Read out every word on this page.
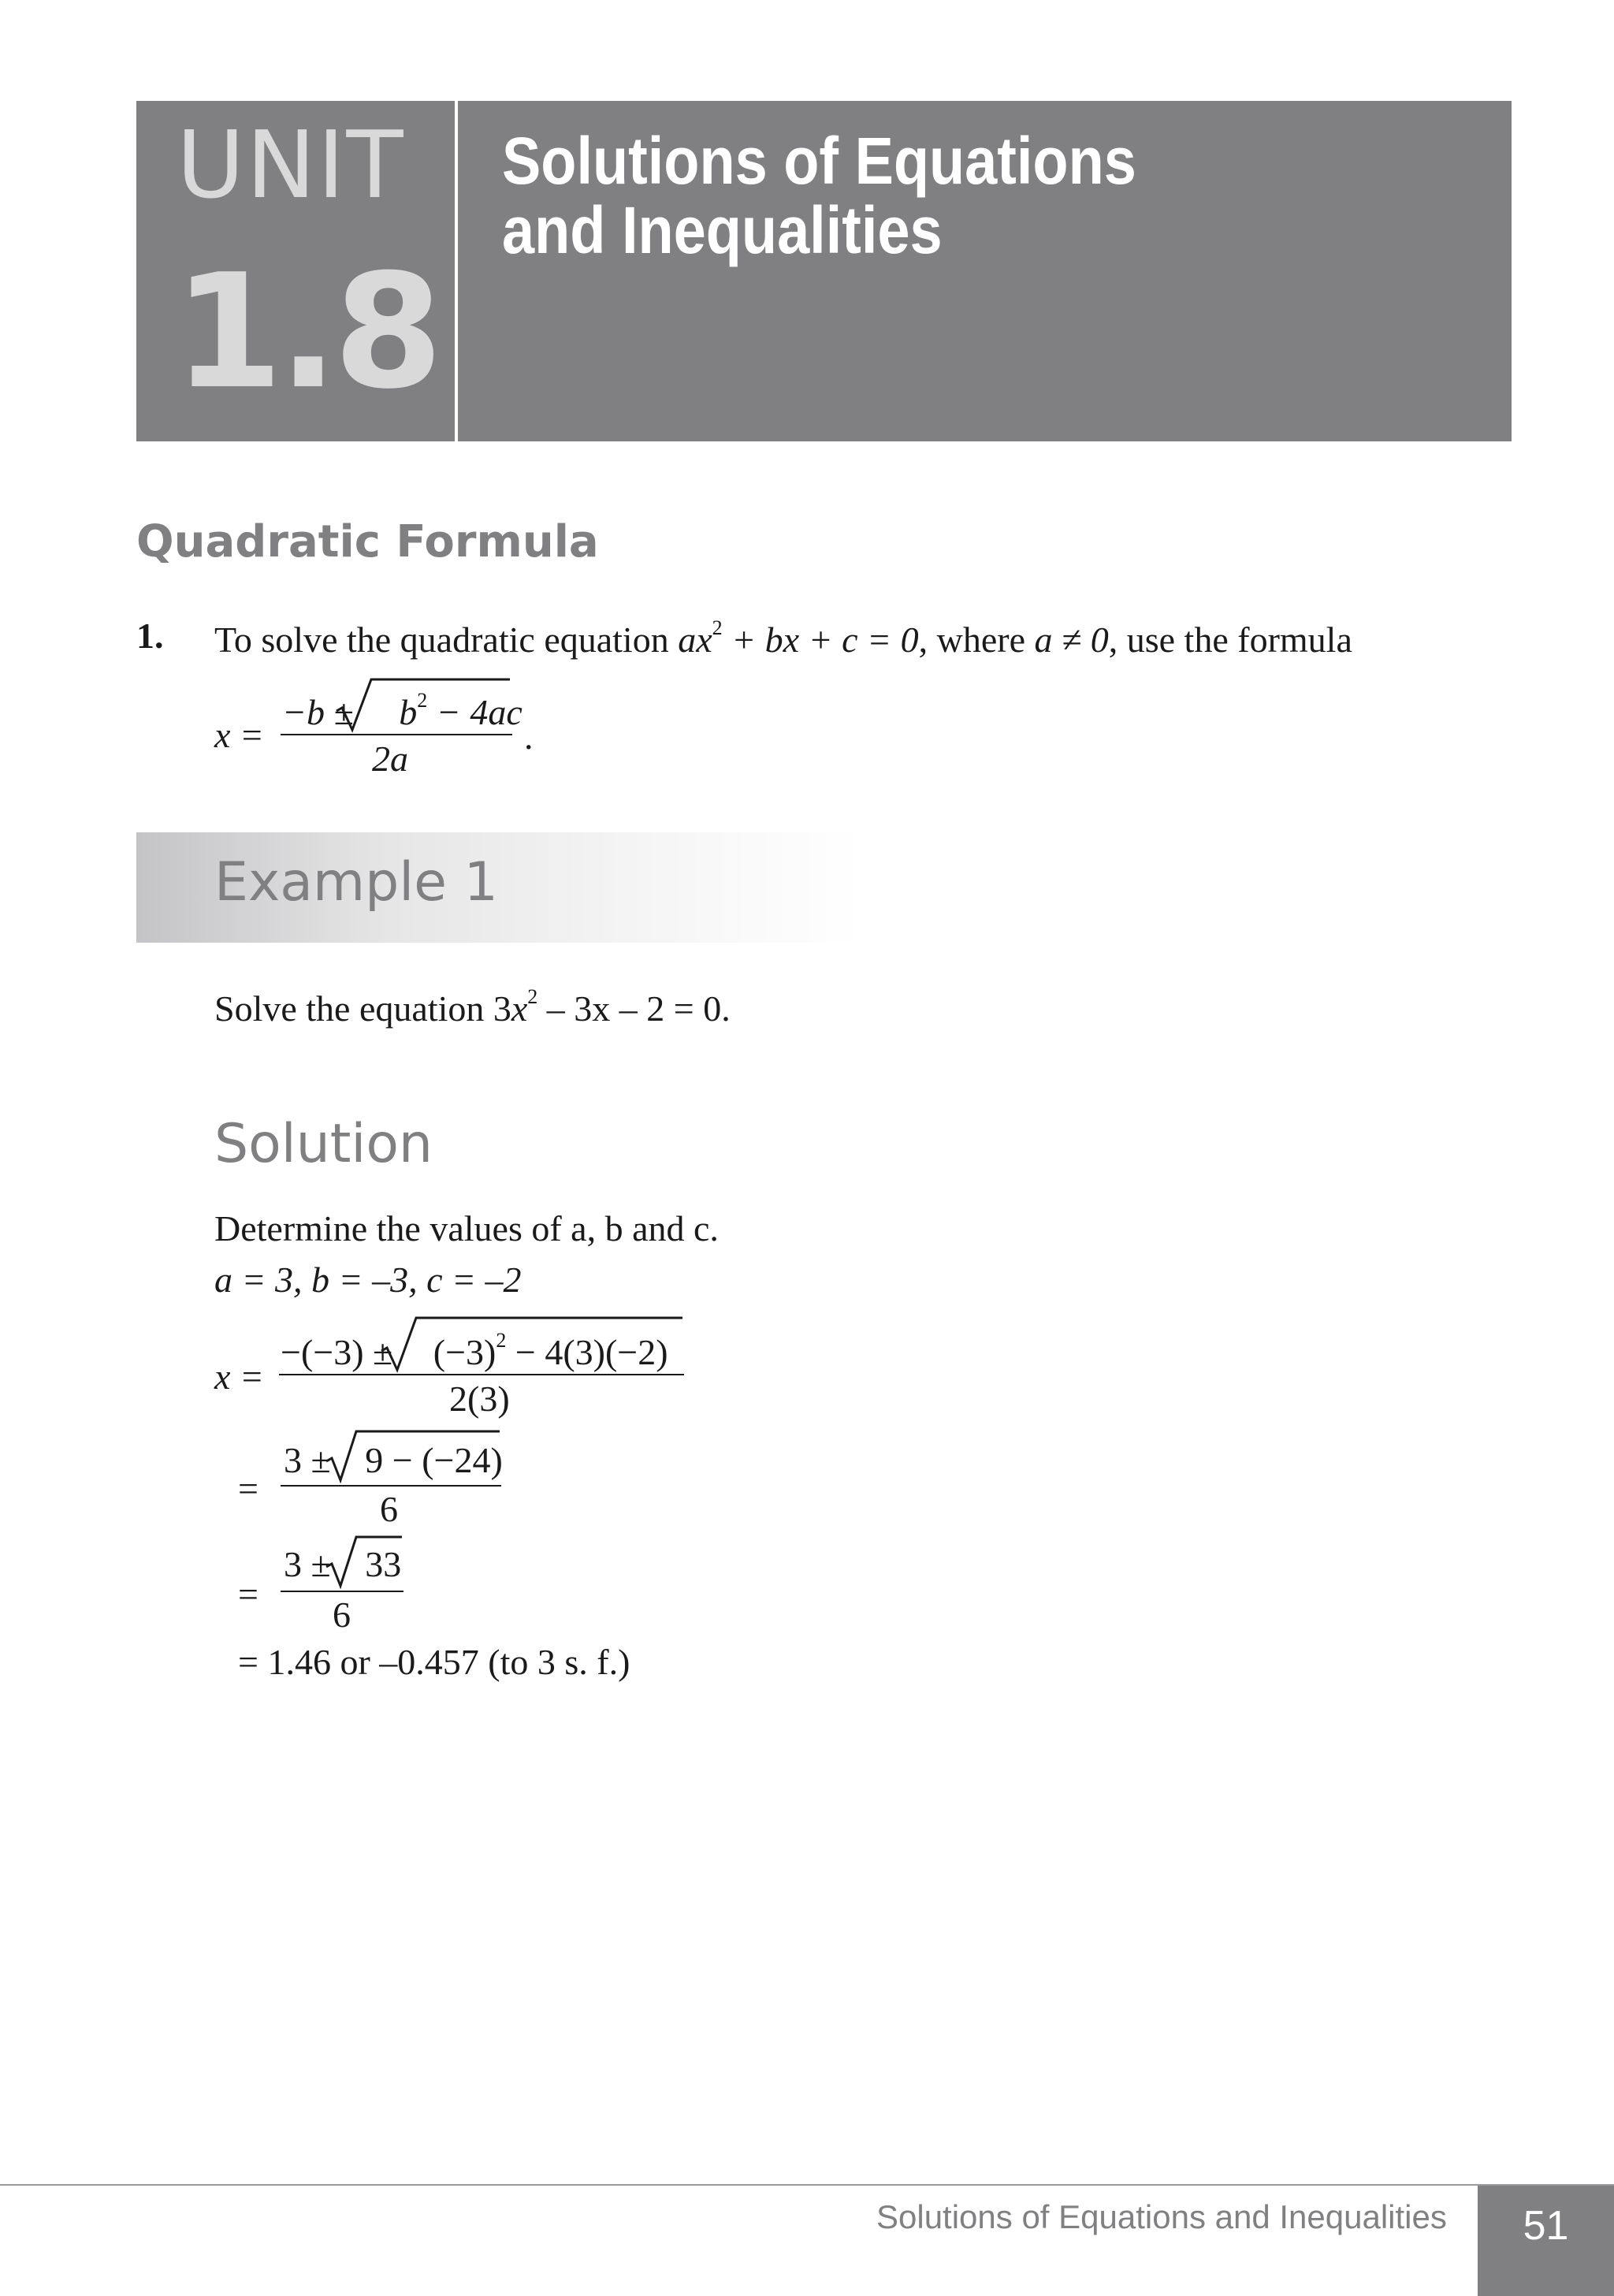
UNIT
1.8
Solutions of Equations
and Inequalities
Quadratic Formula
1. To solve the quadratic equation $ax^2$ + bx + c = 0, where a ≠ 0, use the formula
x =
$-b \pm b^2 - 4ac$
2a
.
Example 1
Solve the equation $3x^2 - 3x - 2 = 0$.
Solution
Determine the values of a, b and c.
a = 3, b = –3, c = –2
x =
$-(-3) \pm (-3)^2 - 4(3)(-2)$
2(3)
=
3 ± 9 − (−24)
6
=
3 ± 33
6
= 1.46 or –0.457 (to 3 s. f.)
Solutions of Equations and Inequalities	51
